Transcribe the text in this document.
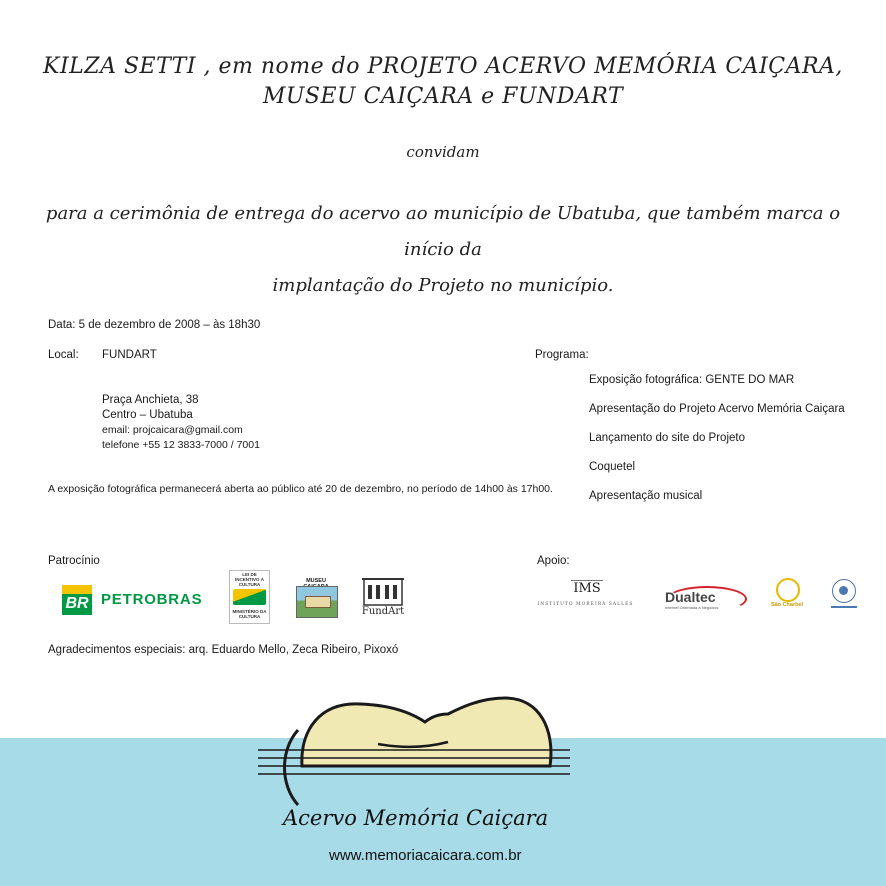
KILZA SETTI , em nome do PROJETO ACERVO MEMÓRIA CAIÇARA,
MUSEU CAIÇARA e FUNDART
convidam
para a cerimônia de entrega do acervo ao município de Ubatuba, que também marca o início da
implantação do Projeto no município.
Data: 5 de dezembro de 2008 – às 18h30
Local: FUNDART
Praça Anchieta, 38
Centro – Ubatuba
email: projcaicara@gmail.com
telefone +55 12 3833-7000 / 7001
A exposição fotográfica permanecerá aberta ao público até 20 de dezembro, no período de 14h00 às 17h00.
Programa:
Exposição fotográfica: GENTE DO MAR
Apresentação do Projeto Acervo Memória Caiçara
Lançamento do site do Projeto
Coquetel
Apresentação musical
Patrocínio
BR PETROBRAS
LEI DE INCENTIVO À CULTURA
MINISTÉRIO DA CULTURA
MUSEU
FundArt
Apoio:
IMS
INSTITUTO MOREIRA SALLES	Dualtec
Internet Orientada a Negócios	São Charbel
Agradecimentos especiais: arq. Eduardo Mello, Zeca Ribeiro, Pixoxó
Acervo Memória Caiçara
www.memoriacaicara.com.br
